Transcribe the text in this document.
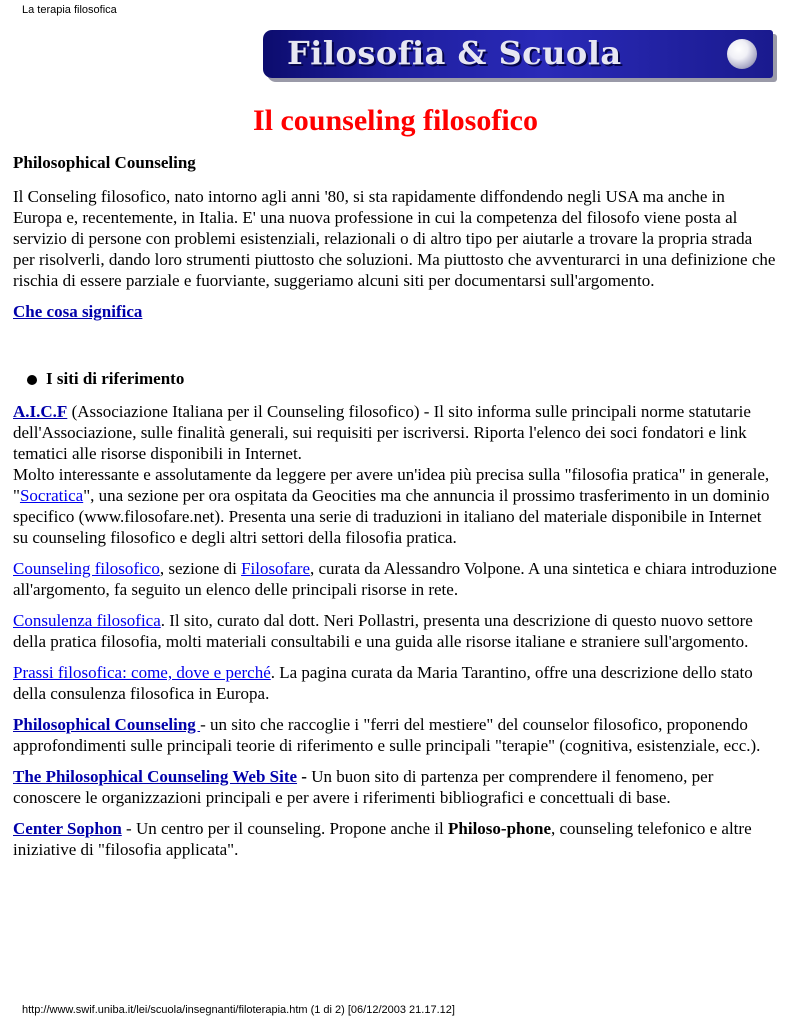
La terapia filosofica
Filosofia & Scuola
Il counseling filosofico

Philosophical Counseling

Il Conseling filosofico, nato intorno agli anni '80, si sta rapidamente diffondendo negli USA ma anche in Europa e, recentemente, in Italia. E' una nuova professione in cui la competenza del filosofo viene posta al servizio di persone con problemi esistenziali, relazionali o di altro tipo per aiutarle a trovare la propria strada per risolverli, dando loro strumenti piuttosto che soluzioni. Ma piuttosto che avventurarci in una definizione che rischia di essere parziale e fuorviante, suggeriamo alcuni siti per documentarsi sull'argomento.

Che cosa significa

I siti di riferimento

A.I.C.F (Associazione Italiana per il Counseling filosofico) - Il sito informa sulle principali norme statutarie dell'Associazione, sulle finalità generali, sui requisiti per iscriversi. Riporta l'elenco dei soci fondatori e link tematici alle risorse disponibili in Internet.
Molto interessante e assolutamente da leggere per avere un'idea più precisa sulla "filosofia pratica" in generale, "Socratica", una sezione per ora ospitata da Geocities ma che annuncia il prossimo trasferimento in un dominio specifico (www.filosofare.net). Presenta una serie di traduzioni in italiano del materiale disponibile in Internet su counseling filosofico e degli altri settori della filosofia pratica.

Counseling filosofico, sezione di Filosofare, curata da Alessandro Volpone. A una sintetica e chiara introduzione all'argomento, fa seguito un elenco delle principali risorse in rete.

Consulenza filosofica. Il sito, curato dal dott. Neri Pollastri, presenta una descrizione di questo nuovo settore della pratica filosofia, molti materiali consultabili e una guida alle risorse italiane e straniere sull'argomento.

Prassi filosofica: come, dove e perché. La pagina curata da Maria Tarantino, offre una descrizione dello stato della consulenza filosofica in Europa.

Philosophical Counseling - un sito che raccoglie i "ferri del mestiere" del counselor filosofico, proponendo approfondimenti sulle principali teorie di riferimento e sulle principali "terapie" (cognitiva, esistenziale, ecc.).

The Philosophical Counseling Web Site - Un buon sito di partenza per comprendere il fenomeno, per conoscere le organizzazioni principali e per avere i riferimenti bibliografici e concettuali di base.

Center Sophon - Un centro per il counseling. Propone anche il Philoso-phone, counseling telefonico e altre iniziative di "filosofia applicata".

http://www.swif.uniba.it/lei/scuola/insegnanti/filoterapia.htm (1 di 2) [06/12/2003 21.17.12]
